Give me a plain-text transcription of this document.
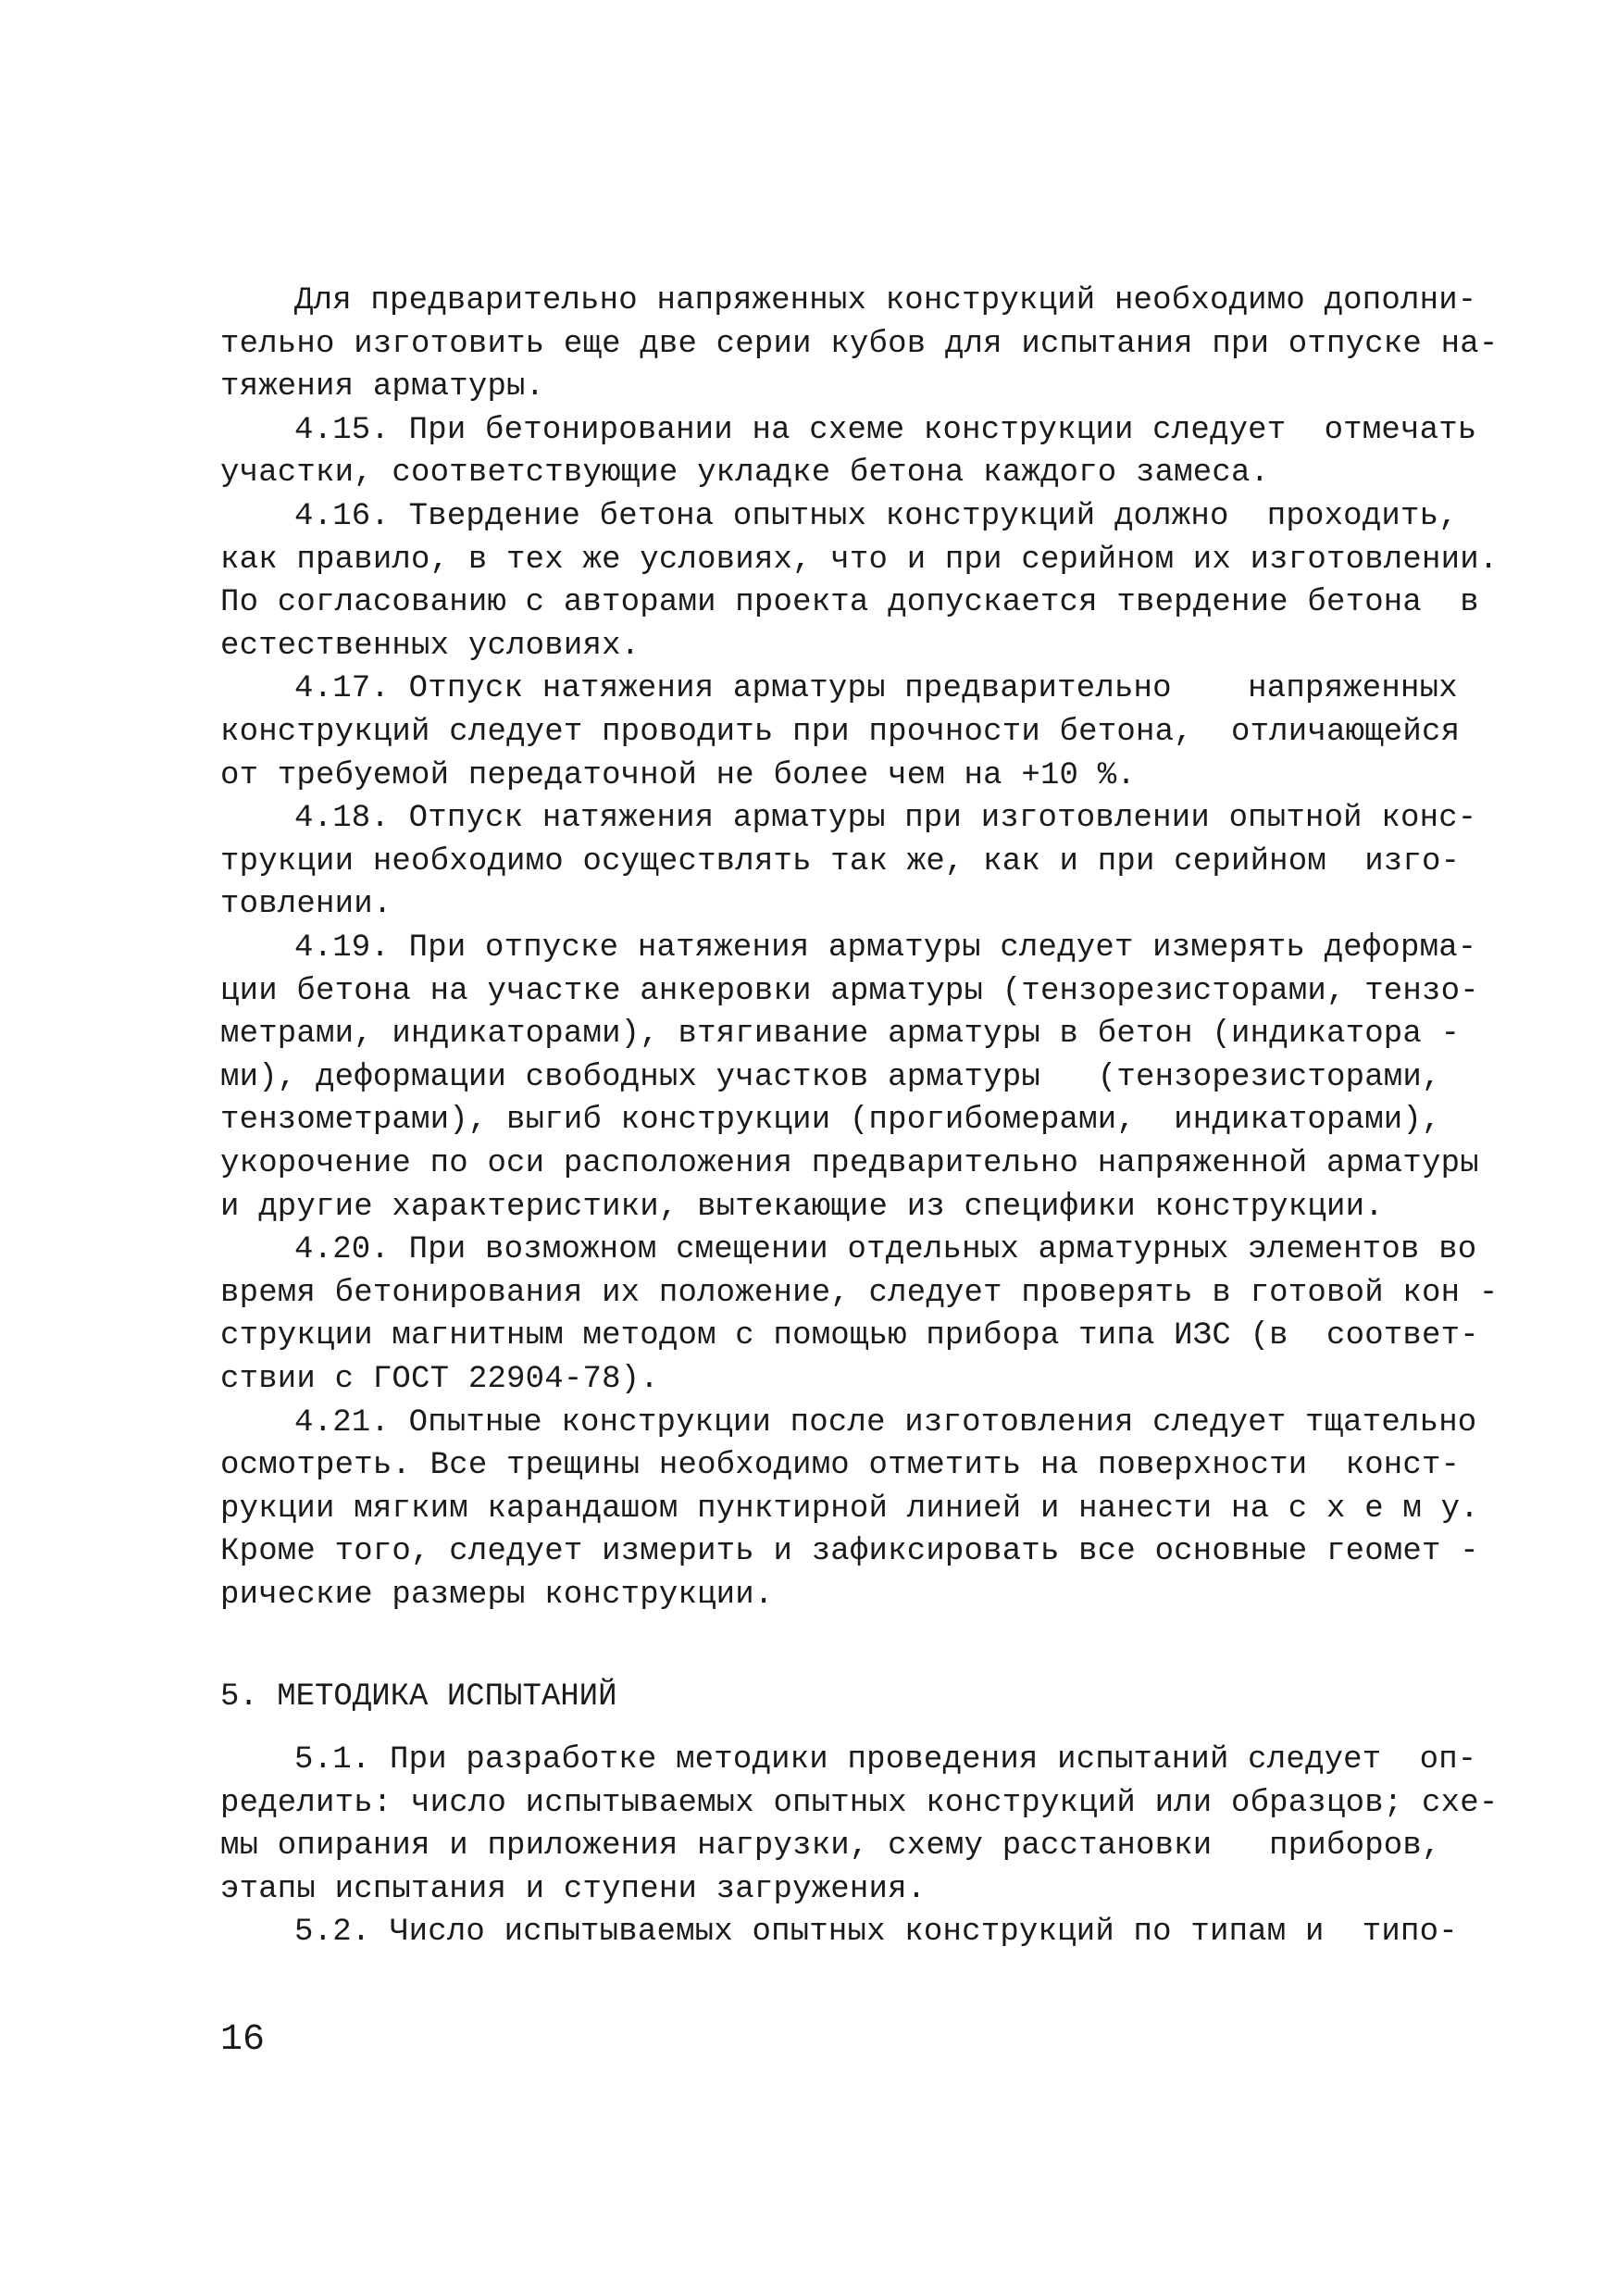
Для предварительно напряженных конструкций необходимо дополни-
тельно изготовить еще две серии кубов для испытания при отпуске на-
тяжения арматуры.
4.15. При бетонировании на схеме конструкции следует  отмечать
участки, соответствующие укладке бетона каждого замеса.
4.16. Твердение бетона опытных конструкций должно  проходить,
как правило, в тех же условиях, что и при серийном их изготовлении.
По согласованию с авторами проекта допускается твердение бетона  в
естественных условиях.
4.17. Отпуск натяжения арматуры предварительно    напряженных
конструкций следует проводить при прочности бетона,  отличающейся
от требуемой передаточной не более чем на +10 %.
4.18. Отпуск натяжения арматуры при изготовлении опытной конс-
трукции необходимо осуществлять так же, как и при серийном  изго-
товлении.
4.19. При отпуске натяжения арматуры следует измерять деформа-
ции бетона на участке анкеровки арматуры (тензорезисторами, тензо-
метрами, индикаторами), втягивание арматуры в бетон (индикатора -
ми), деформации свободных участков арматуры   (тензорезисторами,
тензометрами), выгиб конструкции (прогибомерами,  индикаторами),
укорочение по оси расположения предварительно напряженной арматуры
и другие характеристики, вытекающие из специфики конструкции.
4.20. При возможном смещении отдельных арматурных элементов во
время бетонирования их положение, следует проверять в готовой кон -
струкции магнитным методом с помощью прибора типа ИЗС (в  соответ-
ствии с ГОСТ 22904-78).
4.21. Опытные конструкции после изготовления следует тщательно
осмотреть. Все трещины необходимо отметить на поверхности  конст-
рукции мягким карандашом пунктирной линией и нанести на с х е м у.
Кроме того, следует измерить и зафиксировать все основные геомет -
рические размеры конструкции.
5. МЕТОДИКА ИСПЫТАНИЙ
5.1. При разработке методики проведения испытаний следует  оп-
ределить: число испытываемых опытных конструкций или образцов; схе-
мы опирания и приложения нагрузки, схему расстановки   приборов,
этапы испытания и ступени загружения.
5.2. Число испытываемых опытных конструкций по типам и  типо-
16
